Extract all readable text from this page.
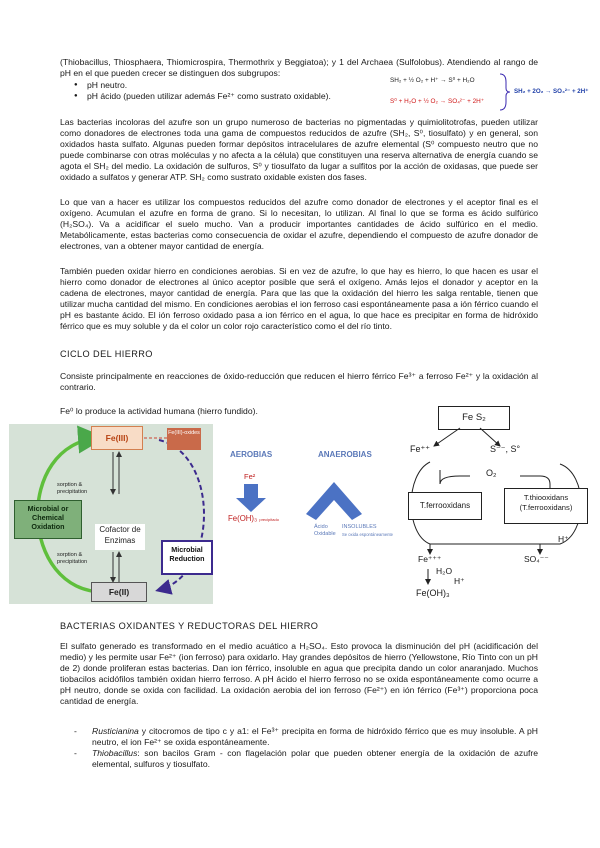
(Thiobacillus, Thiosphaera, Thiomicrospira, Thermothrix y Beggiatoa); y 1 del Archaea (Sulfolobus). Atendiendo al rango de pH en el que pueden crecer se distinguen dos subgrupos:
● pH neutro.
● pH ácido (pueden utilizar además Fe²⁺ como sustrato oxidable).
SH₂ + ½ O₂ + H⁺ → S⁰ + H₂O
S⁰ + H₂O + ½ O₂ → SO₄²⁻ + 2H⁺
SH₂ + 2O₂ → SO₄²⁻ + 2H⁺
Las bacterias incoloras del azufre son un grupo numeroso de bacterias no pigmentadas y quimiolitotrofas, pueden utilizar como donadores de electrones toda una gama de compuestos reducidos de azufre (SH₂, S⁰, tiosulfato) y en general, son oxidados hasta sulfato. Algunas pueden formar depósitos intracelulares de azufre elemental (S⁰ compuesto neutro que no puede combinarse con otras moléculas y no afecta a la célula) que constituyen una reserva alternativa de energía cuando se agota el SH₂ del medio. La oxidación de sulfuros, S⁰ y tiosulfato da lugar a sulfitos por la acción de oxidasas, que puede ser oxidado a sulfatos y generar ATP. SH₂ como sustrato oxidable existen dos fases.
Lo que van a hacer es utilizar los compuestos reducidos del azufre como donador de electrones y el aceptor final es el oxígeno. Acumulan el azufre en forma de grano. Si lo necesitan, lo utilizan. Al final lo que se forma es ácido sulfúrico (H₂SO₄). Va a acidificar el suelo mucho. Van a producir importantes cantidades de ácido sulfúrico en el medio. Metabólicamente, estas bacterias como consecuencia de oxidar el azufre, dependiendo el compuesto de azufre donador de electrones, van a obtener mayor cantidad de energía.
También pueden oxidar hierro en condiciones aerobias. Si en vez de azufre, lo que hay es hierro, lo que hacen es usar el hierro como donador de electrones al único aceptor posible que será el oxígeno. Amás lejos el donador y aceptor en la cadena de electrones, mayor cantidad de energía. Para que las que la oxidación del hierro les salga rentable, tienen que utilizar mucha cantidad del mismo. En condiciones aerobias el ion ferroso casi espontáneamente pasa a ión férrico cuando el pH es bastante ácido. El ión ferroso oxidado pasa a ion férrico en el agua, lo que hace es precipitar en forma de hidróxido férrico que es muy soluble y da el color un color rojo característico como el del río tinto.
CICLO DEL HIERRO
Consiste principalmente en reacciones de óxido-reducción que reducen el hierro férrico Fe³⁺ a ferroso Fe²⁺ y la oxidación al contrario.
Fe⁰ lo produce la actividad humana (hierro fundido).
Fe(III)	Fe(III)-oxides
sorption & precipitation
Microbial or Chemical Oxidation	Cofactor de Enzimas
Microbial Reduction
sorption & precipitation
Fe(II)
AEROBIAS	ANAEROBIAS
Fe²
Fe(OH)₃ precipitado
Ácido
Oxidable
INSOLUBLES
Se oxida espontáneamente
Fe S₂
Fe⁺⁺	S⁻⁻, S°
O₂
T.ferrooxidans
T.thiooxidans (T.ferrooxidans)
Fe⁺⁺⁺
H⁺
SO₄⁻⁻
H₂O
H⁺
Fe(OH)₃
BACTERIAS OXIDANTES Y REDUCTORAS DEL HIERRO
El sulfato generado es transformado en el medio acuático a H₂SO₄. Esto provoca la disminución del pH (acidificación del medio) y les permite usar Fe²⁺ (ion ferroso) para oxidarlo. Hay grandes depósitos de hierro (Yellowstone, Río Tinto con un pH de 2) donde proliferan estas bacterias. Dan ion férrico, insoluble en agua que precipita dando un color anaranjado. Muchos tiobacilos acidófilos también oxidan hierro ferroso. A pH ácido el hierro ferroso no se oxida espontáneamente como ocurre a pH neutro, donde se oxida con facilidad. La oxidación aerobia del ion ferroso (Fe²⁺) en ión férrico (Fe³⁺) proporciona poca cantidad de energía.
- Rusticianina y citocromos de tipo c y a1: el Fe³⁺ precipita en forma de hidróxido férrico que es muy insoluble. A pH neutro, el ion Fe²⁺ se oxida espontáneamente.
- Thiobacillus: son bacilos Gram - con flagelación polar que pueden obtener energía de la oxidación de azufre elemental, sulfuros y tiosulfato.
